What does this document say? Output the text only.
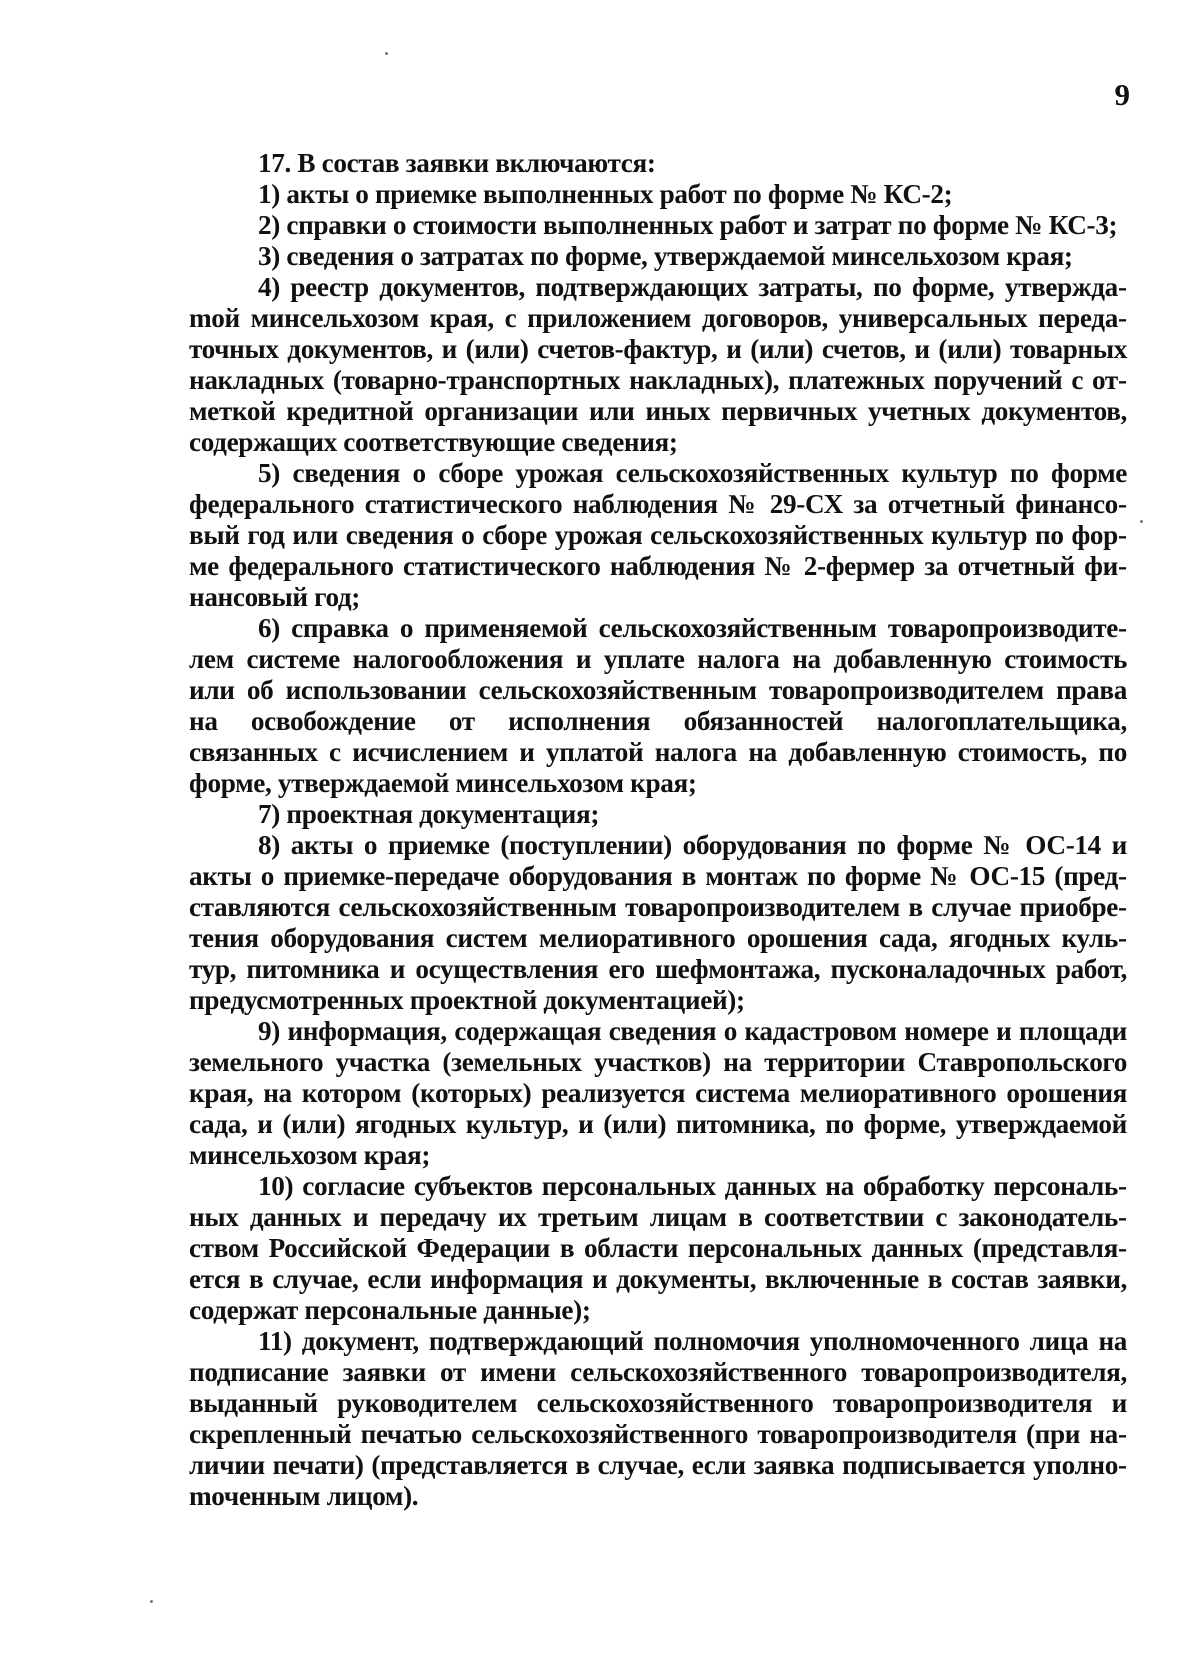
9

17. В состав заявки включаются:

1) акты о приемке выполненных работ по форме № КС-2;

2) справки о стоимости выполненных работ и затрат по форме № КС-3;

3) сведения о затратах по форме, утверждаемой минсельхозом края;

4) реестр документов, подтверждающих затраты, по форме, утверждаmой минсельхозом края, с приложением договоров, универсальных передаточных документов, и (или) счетов-фактур, и (или) счетов, и (или) товарных накладных (товарно-транспортных накладных), платежных поручений с отметкой кредитной организации или иных первичных учетных документов, содержащих соответствующие сведения;

5) сведения о сборе урожая сельскохозяйственных культур по форме федерального статистического наблюдения № 29-СХ за отчетный финансовый год или сведения о сборе урожая сельскохозяйственных культур по форме федерального статистического наблюдения № 2-фермер за отчетный финансовый год;

6) справка о применяемой сельскохозяйственным товаропроизводителем системе налогообложения и уплате налога на добавленную стоимость или об использовании сельскохозяйственным товаропроизводителем права на освобождение от исполнения обязанностей налогоплательщика, связанных с исчислением и уплатой налога на добавленную стоимость, по форме, утверждаемой минсельхозом края;

7) проектная документация;

8) акты о приемке (поступлении) оборудования по форме № ОС-14 и акты о приемке-передаче оборудования в монтаж по форме № ОС-15 (представляются сельскохозяйственным товаропроизводителем в случае приобретения оборудования систем мелиоративного орошения сада, ягодных культур, питомника и осуществления его шефмонтажа, пусконаладочных работ, предусмотренных проектной документацией);

9) информация, содержащая сведения о кадастровом номере и площади земельного участка (земельных участков) на территории Ставропольского края, на котором (которых) реализуется система мелиоративного орошения сада, и (или) ягодных культур, и (или) питомника, по форме, утверждаемой минсельхозом края;

10) согласие субъектов персональных данных на обработку персональных данных и передачу их третьим лицам в соответствии с законодательством Российской Федерации в области персональных данных (представляется в случае, если информация и документы, включенные в состав заявки, содержат персональные данные);

11) документ, подтверждающий полномочия уполномоченного лица на подписание заявки от имени сельскохозяйственного товаропроизводителя, выданный руководителем сельскохозяйственного товаропроизводителя и скрепленный печатью сельскохозяйственного товаропроизводителя (при наличии печати) (представляется в случае, если заявка подписывается уполноmоченным лицом).
